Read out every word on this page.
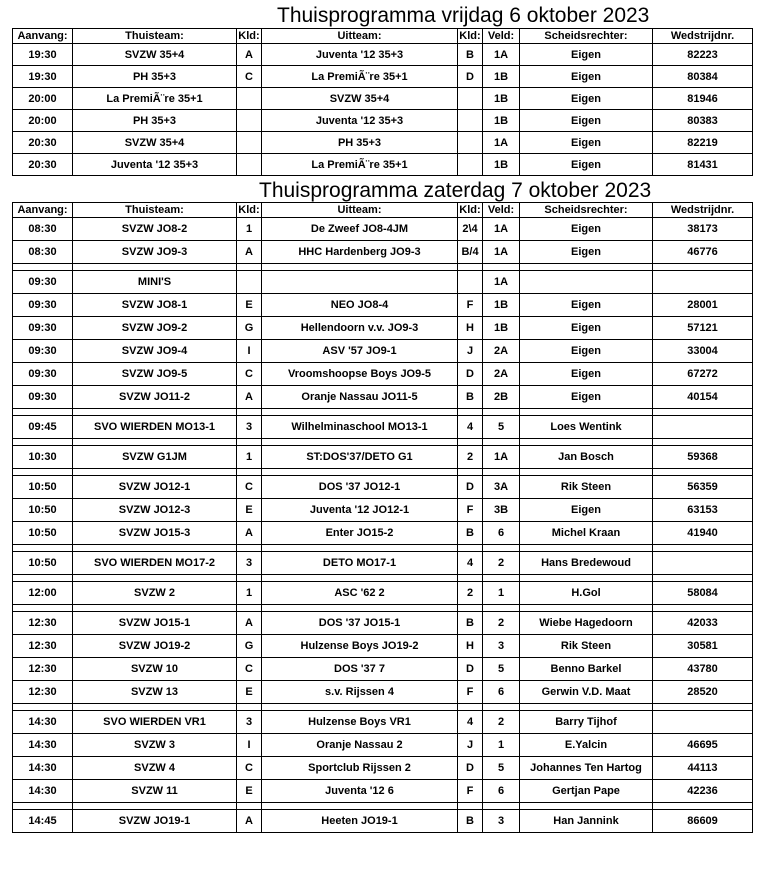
Thuisprogramma vrijdag 6 oktober 2023
Aanvang:	Thuisteam:	Kld:	Uitteam:	Kld:	Veld:	Scheidsrechter:	Wedstrijdnr.
19:30	SVZW 35+4	A	Juventa '12 35+3	B	1A	Eigen	82223
19:30	PH 35+3	C	La PremiÃ¨re 35+1	D	1B	Eigen	80384
20:00	La PremiÃ¨re 35+1		SVZW 35+4		1B	Eigen	81946
20:00	PH 35+3		Juventa '12 35+3		1B	Eigen	80383
20:30	SVZW 35+4		PH 35+3		1A	Eigen	82219
20:30	Juventa '12 35+3		La PremiÃ¨re 35+1		1B	Eigen	81431
Thuisprogramma zaterdag 7 oktober 2023
Aanvang:	Thuisteam:	Kld:	Uitteam:	Kld:	Veld:	Scheidsrechter:	Wedstrijdnr.
08:30	SVZW JO8-2	1	De Zweef JO8-4JM	2\4	1A	Eigen	38173
08:30	SVZW JO9-3	A	HHC Hardenberg JO9-3	B/4	1A	Eigen	46776

09:30	MINI'S				1A		
09:30	SVZW JO8-1	E	NEO JO8-4	F	1B	Eigen	28001
09:30	SVZW JO9-2	G	Hellendoorn v.v. JO9-3	H	1B	Eigen	57121
09:30	SVZW JO9-4	I	ASV '57 JO9-1	J	2A	Eigen	33004
09:30	SVZW JO9-5	C	Vroomshoopse Boys JO9-5	D	2A	Eigen	67272
09:30	SVZW JO11-2	A	Oranje Nassau JO11-5	B	2B	Eigen	40154

09:45	SVO WIERDEN MO13-1	3	Wilhelminaschool MO13-1	4	5	Loes Wentink	

10:30	SVZW G1JM	1	ST:DOS'37/DETO G1	2	1A	Jan Bosch	59368

10:50	SVZW JO12-1	C	DOS '37 JO12-1	D	3A	Rik Steen	56359
10:50	SVZW JO12-3	E	Juventa '12 JO12-1	F	3B	Eigen	63153
10:50	SVZW JO15-3	A	Enter JO15-2	B	6	Michel Kraan	41940

10:50	SVO WIERDEN MO17-2	3	DETO MO17-1	4	2	Hans Bredewoud	

12:00	SVZW 2	1	ASC '62 2	2	1	H.Gol	58084

12:30	SVZW JO15-1	A	DOS '37 JO15-1	B	2	Wiebe Hagedoorn	42033
12:30	SVZW JO19-2	G	Hulzense Boys JO19-2	H	3	Rik Steen	30581
12:30	SVZW 10	C	DOS '37 7	D	5	Benno Barkel	43780
12:30	SVZW 13	E	s.v. Rijssen 4	F	6	Gerwin V.D. Maat	28520

14:30	SVO WIERDEN VR1	3	Hulzense Boys VR1	4	2	Barry Tijhof	
14:30	SVZW 3	I	Oranje Nassau 2	J	1	E.Yalcin	46695
14:30	SVZW 4	C	Sportclub Rijssen 2	D	5	Johannes Ten Hartog	44113
14:30	SVZW 11	E	Juventa '12 6	F	6	Gertjan Pape	42236

14:45	SVZW JO19-1	A	Heeten JO19-1	B	3	Han Jannink	86609
